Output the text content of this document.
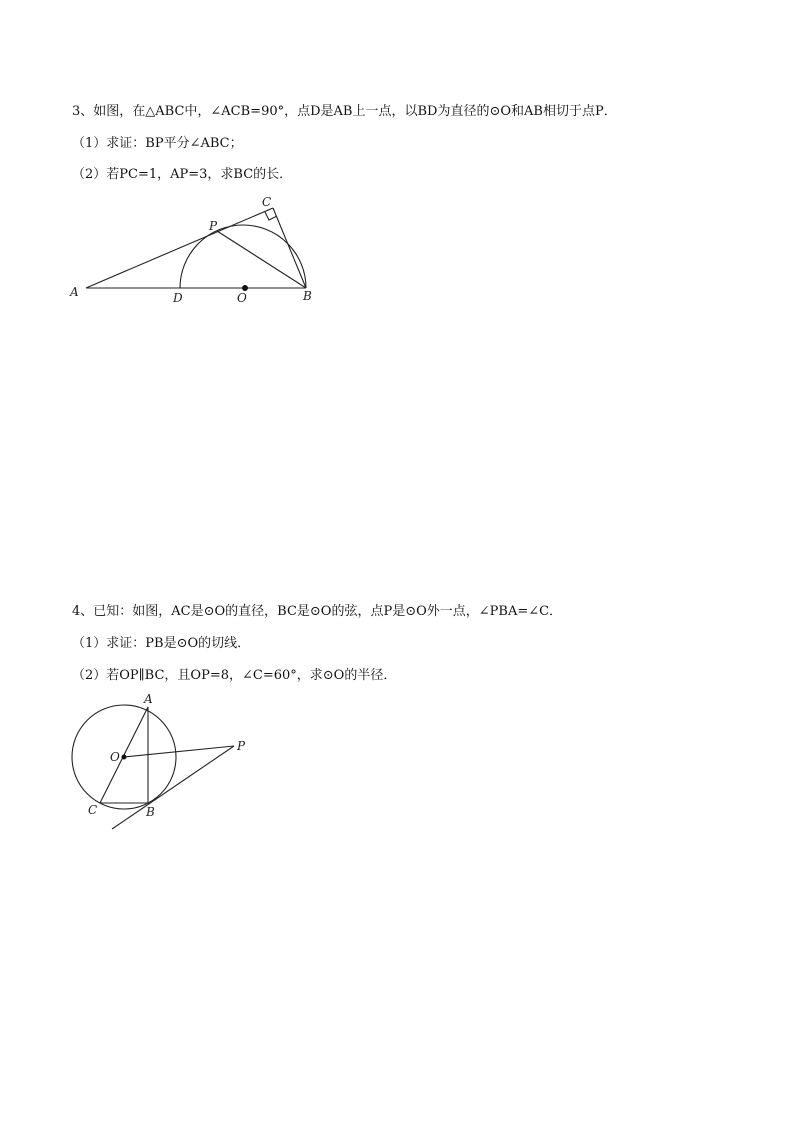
3、如图，在△ABC中，∠ACB=90°，点D是AB上一点，以BD为直径的⊙O和AB相切于点P．
（1）求证：BP平分∠ABC；
（2）若PC=1，AP=3，求BC的长．
A	D	O	B
P
C
4、已知：如图，AC是⊙O的直径，BC是⊙O的弦，点P是⊙O外一点，∠PBA=∠C．
（1）求证：PB是⊙O的切线．
（2）若OP∥BC，且OP=8，∠C=60°，求⊙O的半径．
A
O
P
C	B
